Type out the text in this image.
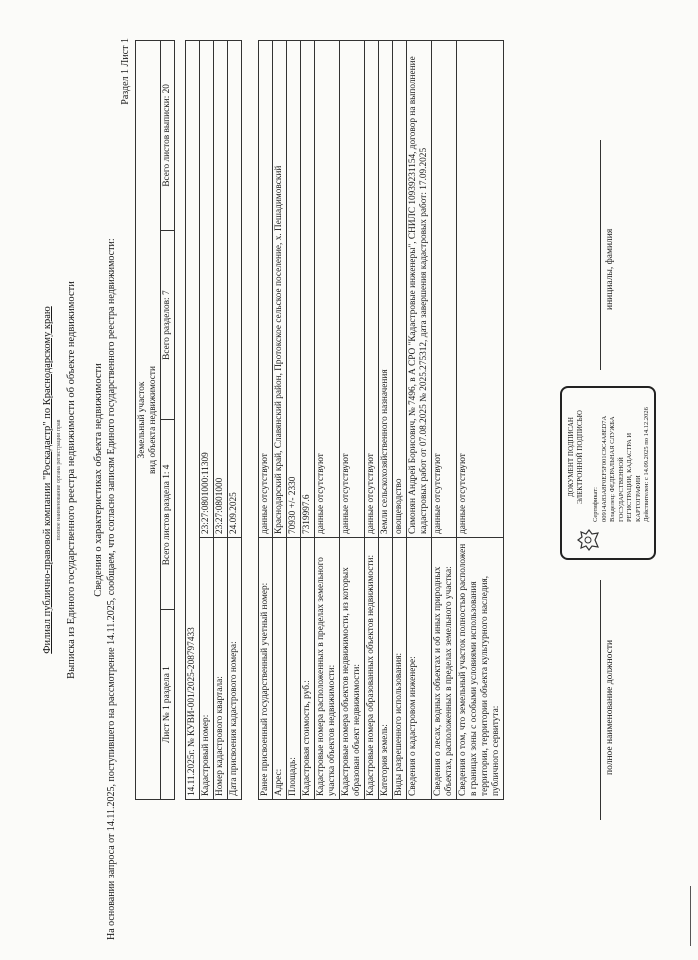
Филиал публично-правовой компании "Роскадастр" по Краснодарскому краю полное наименование органа регистрации прав Выписка из Единого государственного реестра недвижимости об объекте недвижимости Сведения о характеристиках объекта недвижимости На основании запроса от 14.11.2025, поступившего на рассмотрение 14.11.2025, сообщаем, что согласно записям Единого государственного реестра недвижимости:
Раздел 1 Лист 1
Земельный участок вид объекта недвижимости

Лист № 1 раздела 1	Всего листов раздела 1: 4	Всего разделов: 7	Всего листов выписки: 20
14.11.2025г. № КУВИ-001/2025-208797433	
Кадастровый номер:	23:27:0801000:11309
Номер кадастрового квартала:	23:27:0801000
Дата присвоения кадастрового номера:	24.09.2025
Ранее присвоенный государственный учетный номер:	данные отсутствуют
Адрес:	Краснодарский край, Славянский район, Протокское сельское поселение, х. Пешадимовский
Площадь:	70930 +/- 2330
Кадастровая стоимость, руб.:	7319997.6
Кадастровые номера расположенных в пределах земельного участка объектов недвижимости:	данные отсутствуют
Кадастровые номера объектов недвижимости, из которых образован объект недвижимости:	данные отсутствуют
Кадастровые номера образованных объектов недвижимости:	данные отсутствуют
Категория земель:	Земли сельскохозяйственного назначения
Виды разрешенного использования:	овощеводство
Сведения о кадастровом инженере:	Симонян Андрей Борисович, № 7496, в А СРО "Кадастровые инженеры", СНИЛС 10939231154, договор на выполнение кадастровых работ от 07.08.2025 № 2025.275312, дата завершения кадастровых работ: 17.09.2025
Сведения о лесах, водных объектах и об иных природных объектах, расположенных в пределах земельного участка:	данные отсутствуют
Сведения о том, что земельный участок полностью расположен в границах зоны с особыми условиями использования территории, территории объекта культурного наследия, публичного сервитута:	данные отсутствуют
полное наименование должности
ДОКУМЕНТ ПОДПИСАН ЭЛЕКТРОННОЙ ПОДПИСЬЮ
Сертификат: 00914A83A8F0EF5F001C9C4A8ED7A Владелец: ФЕДЕРАЛЬНАЯ СЛУЖБА ГОСУДАРСТВЕННОЙ РЕГИСТРАЦИИ, КАДАСТРА И КАРТОГРАФИИ Действителен: с 14.09.2025 по 14.12.2026
инициалы, фамилия
